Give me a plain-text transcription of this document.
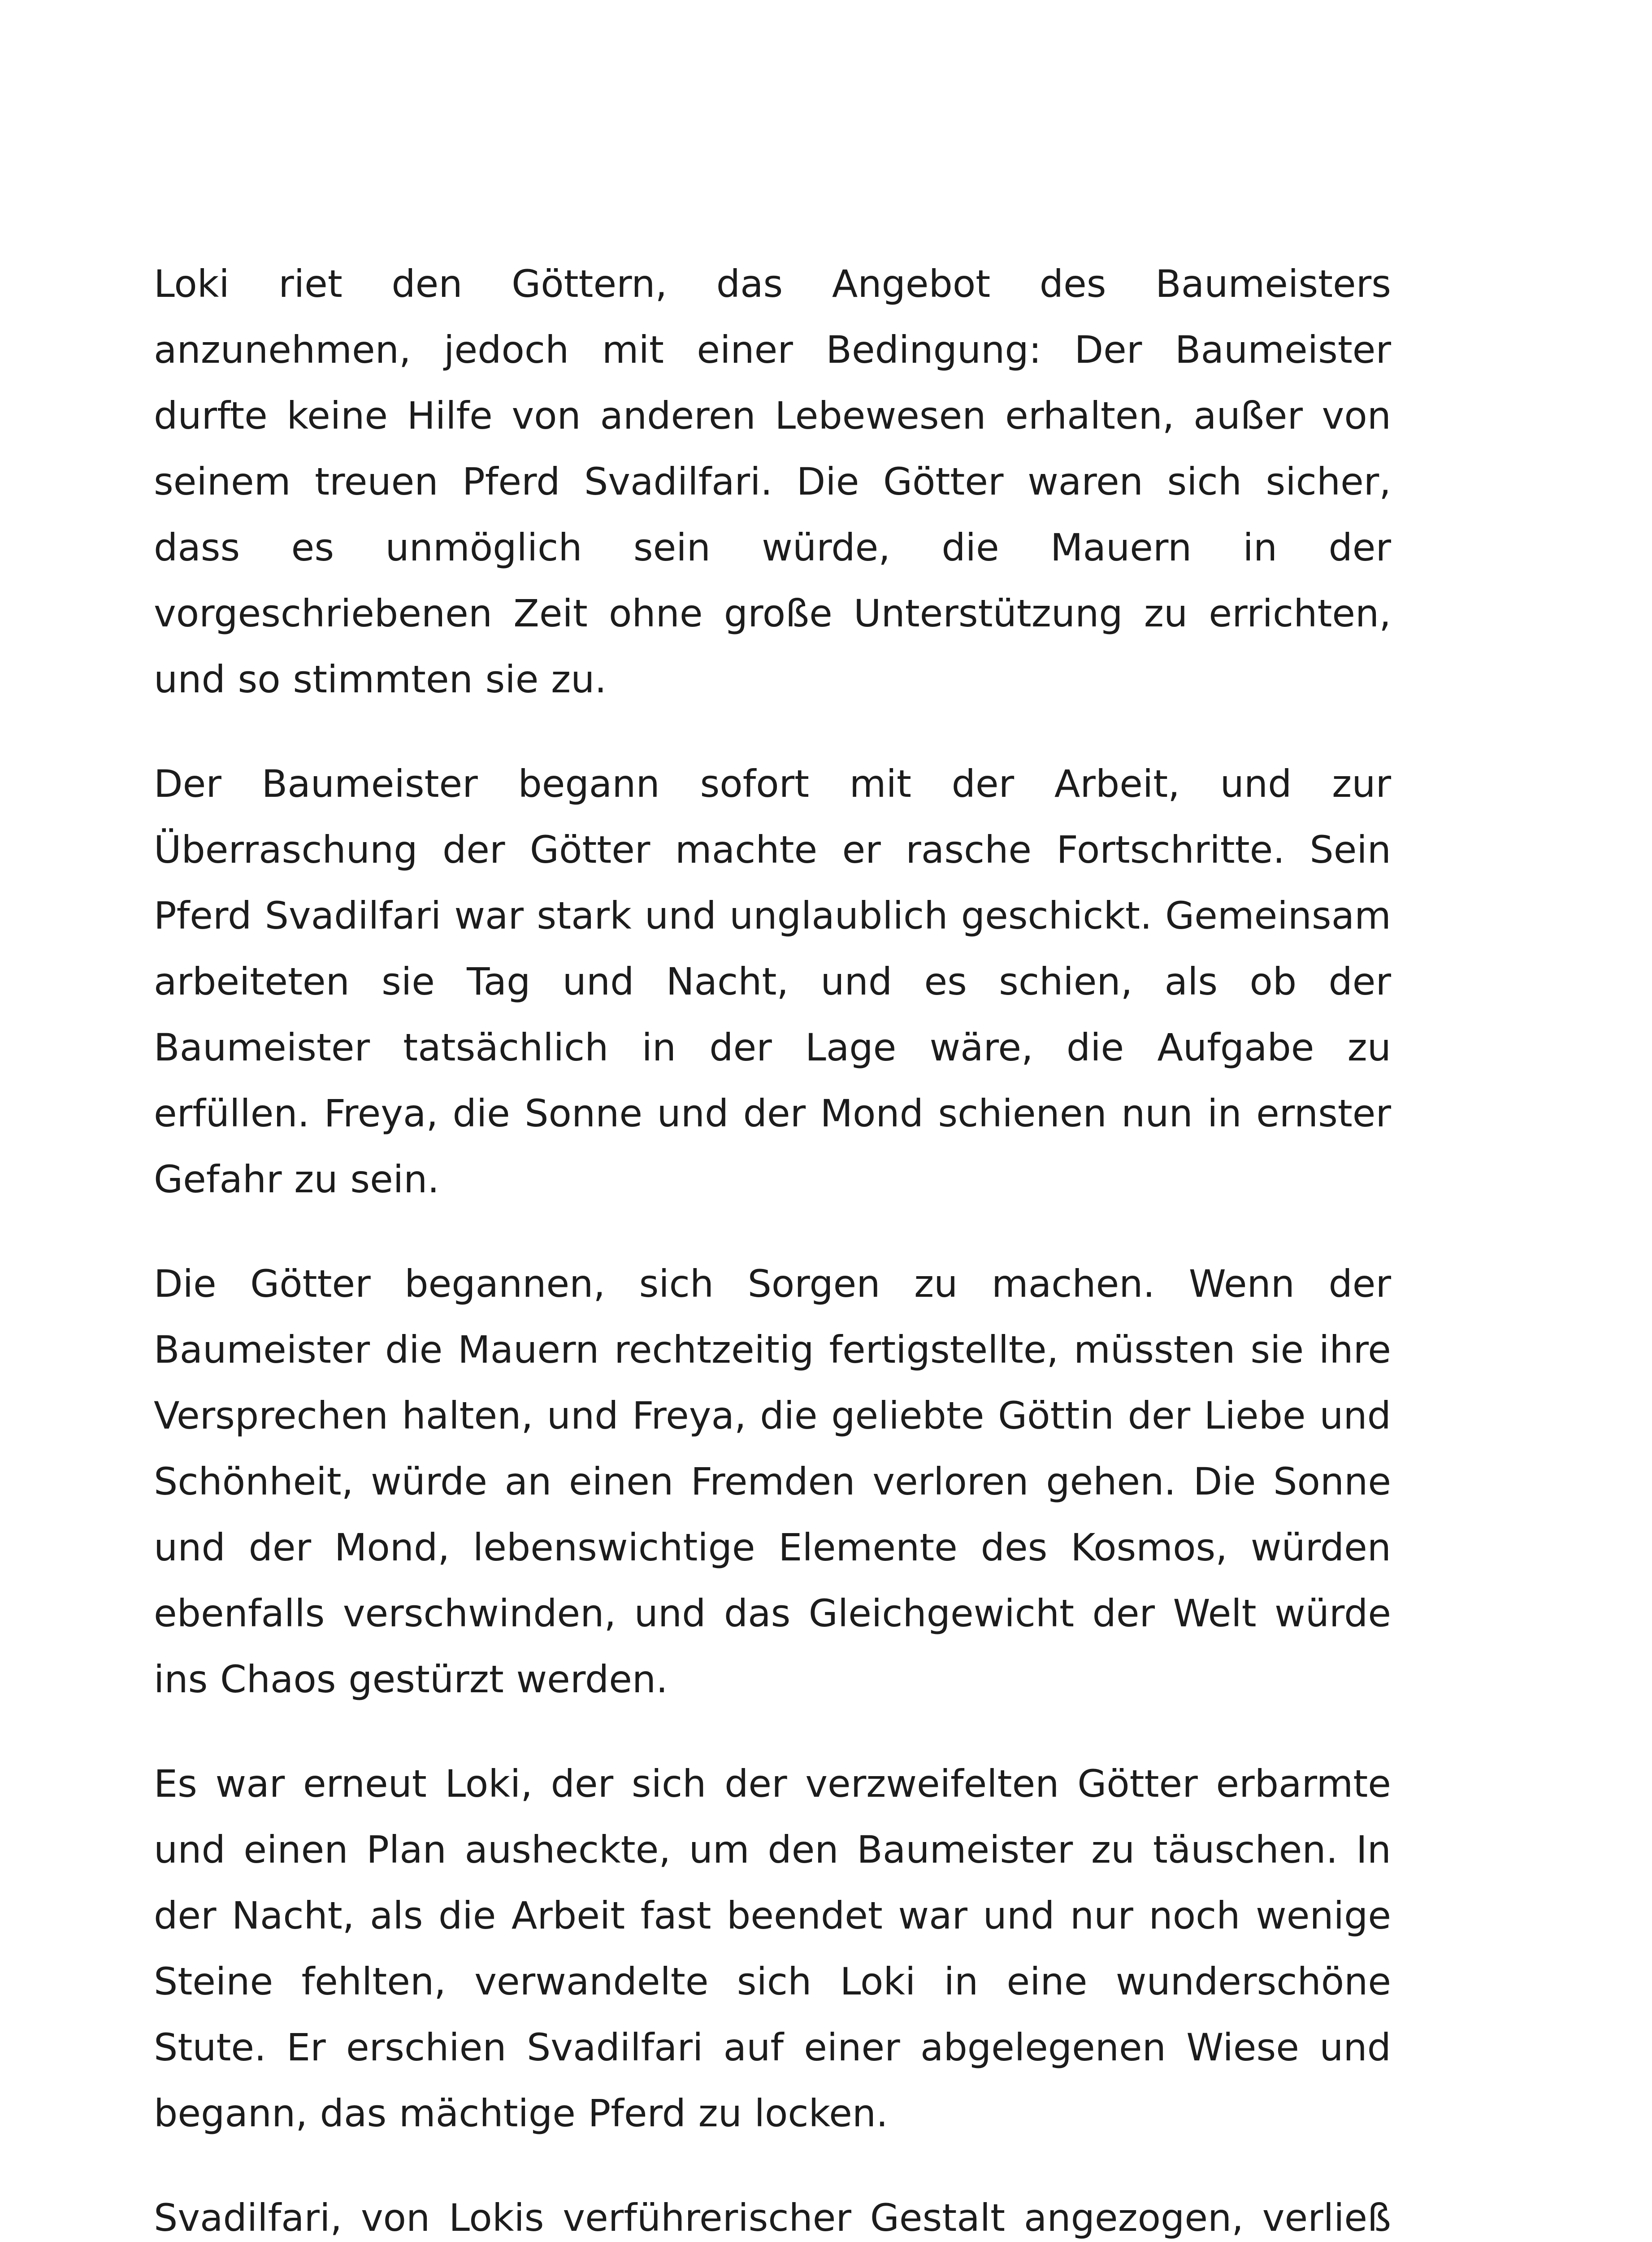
Loki riet den Göttern, das Angebot des Baumeisters anzunehmen, jedoch mit einer Bedingung: Der Baumeister durfte keine Hilfe von anderen Lebewesen erhalten, außer von seinem treuen Pferd Svadilfari. Die Götter waren sich sicher, dass es unmöglich sein würde, die Mauern in der vorgeschriebenen Zeit ohne große Unterstützung zu errichten, und so stimmten sie zu.

Der Baumeister begann sofort mit der Arbeit, und zur Überraschung der Götter machte er rasche Fortschritte. Sein Pferd Svadilfari war stark und unglaublich geschickt. Gemeinsam arbeiteten sie Tag und Nacht, und es schien, als ob der Baumeister tatsächlich in der Lage wäre, die Aufgabe zu erfüllen. Freya, die Sonne und der Mond schienen nun in ernster Gefahr zu sein.

Die Götter begannen, sich Sorgen zu machen. Wenn der Baumeister die Mauern rechtzeitig fertigstellte, müssten sie ihre Versprechen halten, und Freya, die geliebte Göttin der Liebe und Schönheit, würde an einen Fremden verloren gehen. Die Sonne und der Mond, lebenswichtige Elemente des Kosmos, würden ebenfalls verschwinden, und das Gleichgewicht der Welt würde ins Chaos gestürzt werden.

Es war erneut Loki, der sich der verzweifelten Götter erbarmte und einen Plan ausheckte, um den Baumeister zu täuschen. In der Nacht, als die Arbeit fast beendet war und nur noch wenige Steine fehlten, verwandelte sich Loki in eine wunderschöne Stute. Er erschien Svadilfari auf einer abgelegenen Wiese und begann, das mächtige Pferd zu locken.

Svadilfari, von Lokis verführerischer Gestalt angezogen, verließ
